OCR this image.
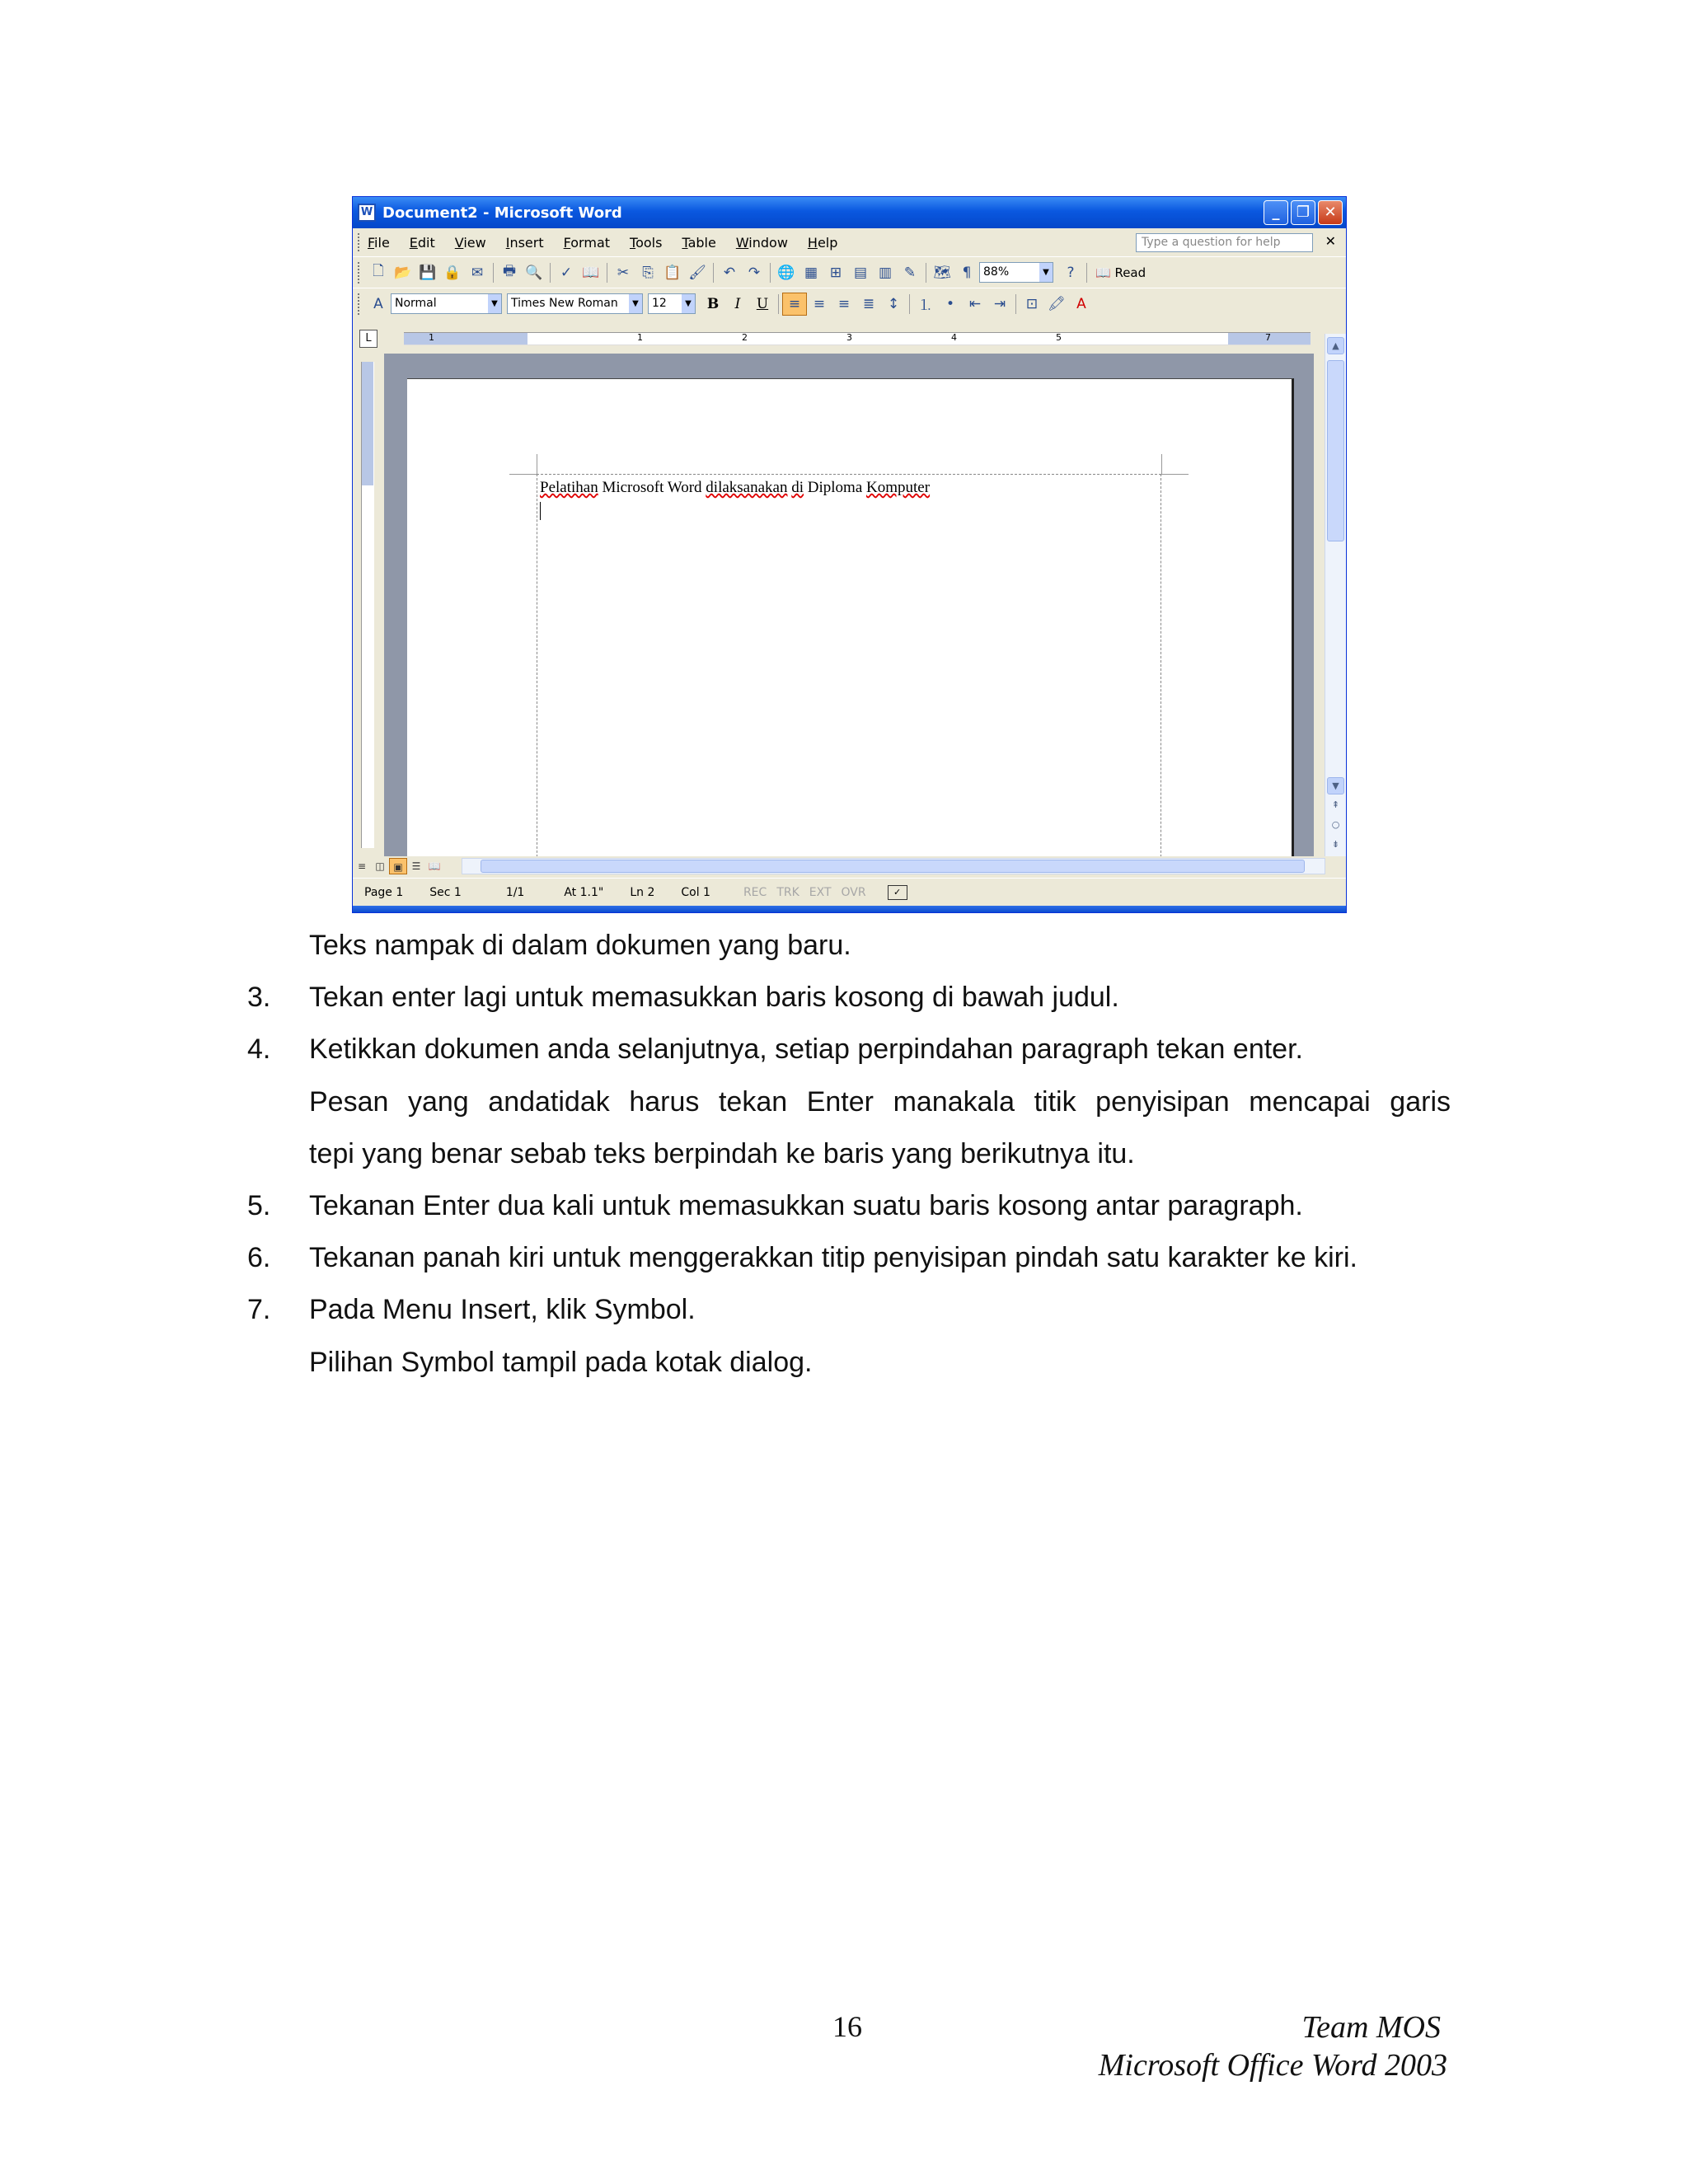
W Document2 - Microsoft Word	_	❐ ✕
File Edit View Insert Format Tools Table Window Help	Type a question for help	✕
🗋 📂 💾 🔒 ✉	🖶 🔍	✓ 📖	✂ ⎘ 📋 🖌	↶ ↷	🌐 ▦ ⊞ ▤ ▥ ✎	🗺 ¶	88%	▼	?	📖 Read
A	Normal	▼	Times New Roman	▼	12	▼	B	I	U	≡ ≡ ≡ ≣ ↕	⒈ •	⇤ ⇥	⊡ 🖍 A
L	1	1	2	3	4	5	7
Pelatihan Microsoft Word dilaksanakan di Diploma Komputer
▲
▼
⇞
○
⇟
≡ ◫ ▣ ☰ 📖
Page 1 Sec 1	1/1	At 1.1" Ln 2 Col 1	REC TRK EXT OVR	✓
Teks nampak di dalam dokumen yang baru.
3. Tekan enter lagi untuk memasukkan baris kosong di bawah judul.
4. Ketikkan dokumen anda selanjutnya, setiap perpindahan paragraph tekan enter.
Pesan yang andatidak harus tekan Enter manakala titik penyisipan mencapai garis
tepi yang benar sebab teks berpindah ke baris yang berikutnya itu.
5. Tekanan Enter dua kali untuk memasukkan suatu baris kosong antar paragraph.
6. Tekanan panah kiri untuk menggerakkan titip penyisipan pindah satu karakter ke kiri.
7. Pada Menu Insert, klik Symbol.
Pilihan Symbol tampil pada kotak dialog.
16	Team MOS
Microsoft Office Word 2003
